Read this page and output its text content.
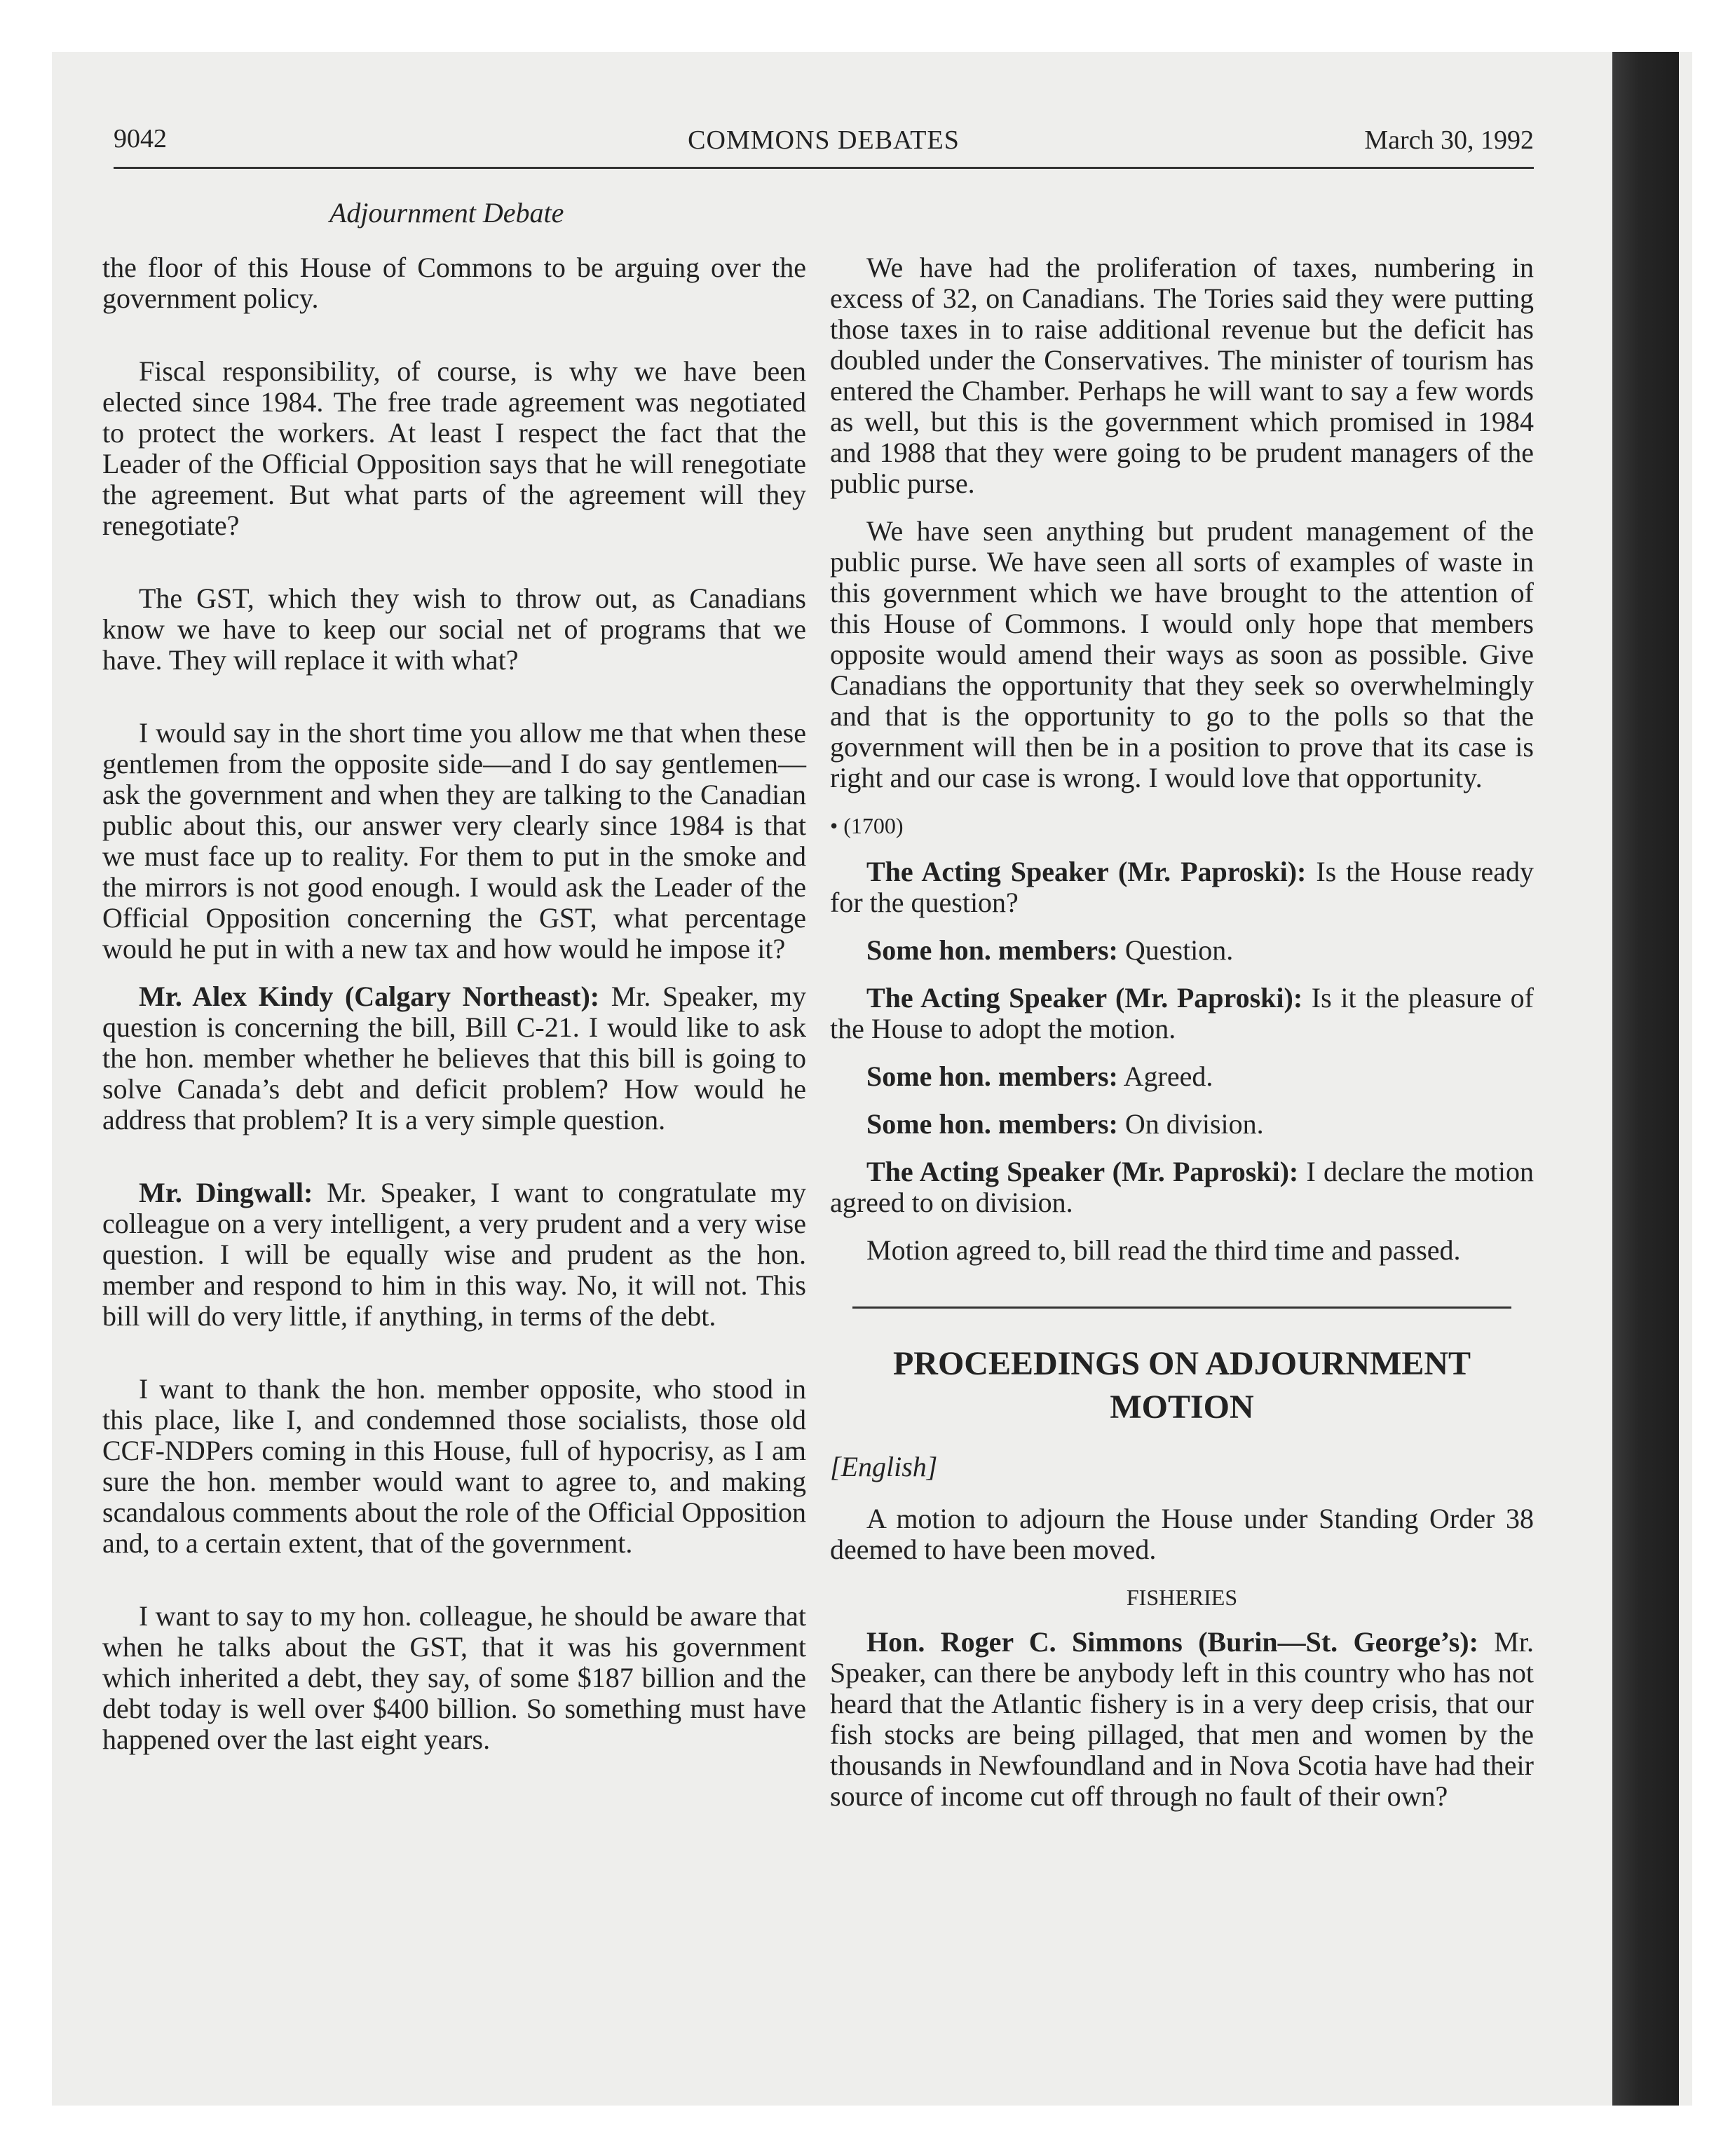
9042	COMMONS DEBATES	March 30, 1992
Adjournment Debate

the floor of this House of Commons to be arguing over the government policy.

Fiscal responsibility, of course, is why we have been elected since 1984. The free trade agreement was negotiated to protect the workers. At least I respect the fact that the Leader of the Official Opposition says that he will renegotiate the agreement. But what parts of the agreement will they renegotiate?

The GST, which they wish to throw out, as Canadians know we have to keep our social net of programs that we have. They will replace it with what?

I would say in the short time you allow me that when these gentlemen from the opposite side—and I do say gentlemen—ask the government and when they are talking to the Canadian public about this, our answer very clearly since 1984 is that we must face up to reality. For them to put in the smoke and the mirrors is not good enough. I would ask the Leader of the Official Opposition concerning the GST, what percentage would he put in with a new tax and how would he impose it?

Mr. Alex Kindy (Calgary Northeast): Mr. Speaker, my question is concerning the bill, Bill C-21. I would like to ask the hon. member whether he believes that this bill is going to solve Canada’s debt and deficit problem? How would he address that problem? It is a very simple question.

Mr. Dingwall: Mr. Speaker, I want to congratulate my colleague on a very intelligent, a very prudent and a very wise question. I will be equally wise and prudent as the hon. member and respond to him in this way. No, it will not. This bill will do very little, if anything, in terms of the debt.

I want to thank the hon. member opposite, who stood in this place, like I, and condemned those socialists, those old CCF-NDPers coming in this House, full of hypocrisy, as I am sure the hon. member would want to agree to, and making scandalous comments about the role of the Official Opposition and, to a certain extent, that of the government.

I want to say to my hon. colleague, he should be aware that when he talks about the GST, that it was his government which inherited a debt, they say, of some $187 billion and the debt today is well over $400 billion. So something must have happened over the last eight years.

We have had the proliferation of taxes, numbering in excess of 32, on Canadians. The Tories said they were putting those taxes in to raise additional revenue but the deficit has doubled under the Conservatives. The minister of tourism has entered the Chamber. Perhaps he will want to say a few words as well, but this is the government which promised in 1984 and 1988 that they were going to be prudent managers of the public purse.

We have seen anything but prudent management of the public purse. We have seen all sorts of examples of waste in this government which we have brought to the attention of this House of Commons. I would only hope that members opposite would amend their ways as soon as possible. Give Canadians the opportunity that they seek so overwhelmingly and that is the opportunity to go to the polls so that the government will then be in a position to prove that its case is right and our case is wrong. I would love that opportunity.

• (1700)

The Acting Speaker (Mr. Paproski): Is the House ready for the question?

Some hon. members: Question.

The Acting Speaker (Mr. Paproski): Is it the pleasure of the House to adopt the motion.

Some hon. members: Agreed.

Some hon. members: On division.

The Acting Speaker (Mr. Paproski): I declare the motion agreed to on division.

Motion agreed to, bill read the third time and passed.

PROCEEDINGS ON ADJOURNMENT MOTION
[English]

A motion to adjourn the House under Standing Order 38 deemed to have been moved.

FISHERIES

Hon. Roger C. Simmons (Burin—St. George’s): Mr. Speaker, can there be anybody left in this country who has not heard that the Atlantic fishery is in a very deep crisis, that our fish stocks are being pillaged, that men and women by the thousands in Newfoundland and in Nova Scotia have had their source of income cut off through no fault of their own?
